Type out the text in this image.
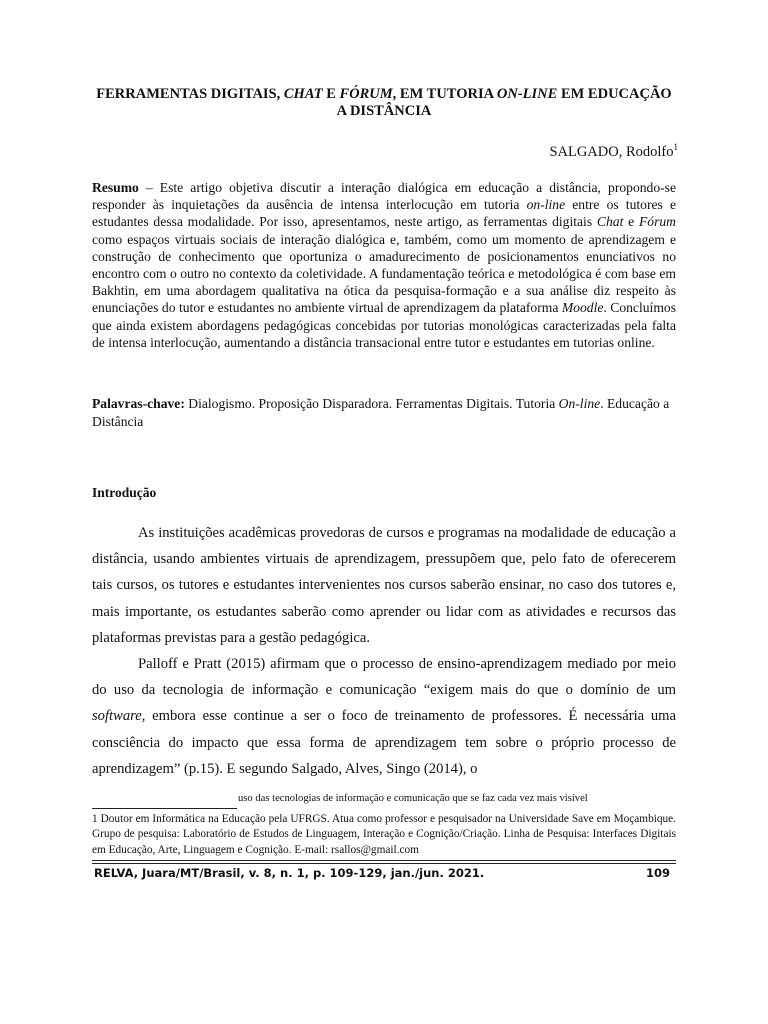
FERRAMENTAS DIGITAIS, CHAT E FÓRUM, EM TUTORIA ON-LINE EM EDUCAÇÃO A DISTÂNCIA
SALGADO, Rodolfo$^1$
Resumo – Este artigo objetiva discutir a interação dialógica em educação a distância, propondo-se responder às inquietações da ausência de intensa interlocução em tutoria on-line entre os tutores e estudantes dessa modalidade. Por isso, apresentamos, neste artigo, as ferramentas digitais Chat e Fórum como espaços virtuais sociais de interação dialógica e, também, como um momento de aprendizagem e construção de conhecimento que oportuniza o amadurecimento de posicionamentos enunciativos no encontro com o outro no contexto da coletividade. A fundamentação teórica e metodológica é com base em Bakhtin, em uma abordagem qualitativa na ótica da pesquisa-formação e a sua análise diz respeito às enunciações do tutor e estudantes no ambiente virtual de aprendizagem da plataforma Moodle. Concluímos que ainda existem abordagens pedagógicas concebidas por tutorias monológicas caracterizadas pela falta de intensa interlocução, aumentando a distância transacional entre tutor e estudantes em tutorias online.
Palavras-chave: Dialogismo. Proposição Disparadora. Ferramentas Digitais. Tutoria On-line. Educação a Distância
Introdução

As instituições acadêmicas provedoras de cursos e programas na modalidade de educação a distância, usando ambientes virtuais de aprendizagem, pressupõem que, pelo fato de oferecerem tais cursos, os tutores e estudantes intervenientes nos cursos saberão ensinar, no caso dos tutores e, mais importante, os estudantes saberão como aprender ou lidar com as atividades e recursos das plataformas previstas para a gestão pedagógica.

Palloff e Pratt (2015) afirmam que o processo de ensino-aprendizagem mediado por meio do uso da tecnologia de informação e comunicação “exigem mais do que o domínio de um software, embora esse continue a ser o foco de treinamento de professores. É necessária uma consciência do impacto que essa forma de aprendizagem tem sobre o próprio processo de aprendizagem” (p.15). E segundo Salgado, Alves, Singo (2014), o

uso das tecnologias de informação e comunicação que se faz cada vez mais visível
1 Doutor em Informática na Educação pela UFRGS. Atua como professor e pesquisador na Universidade Save em Moçambique. Grupo de pesquisa: Laboratório de Estudos de Linguagem, Interação e Cognição/Criação. Linha de Pesquisa: Interfaces Digitais em Educação, Arte, Linguagem e Cognição. E-mail: rsallos@gmail.com
RELVA, Juara/MT/Brasil, v. 8, n. 1, p. 109-129, jan./jun. 2021.	109
